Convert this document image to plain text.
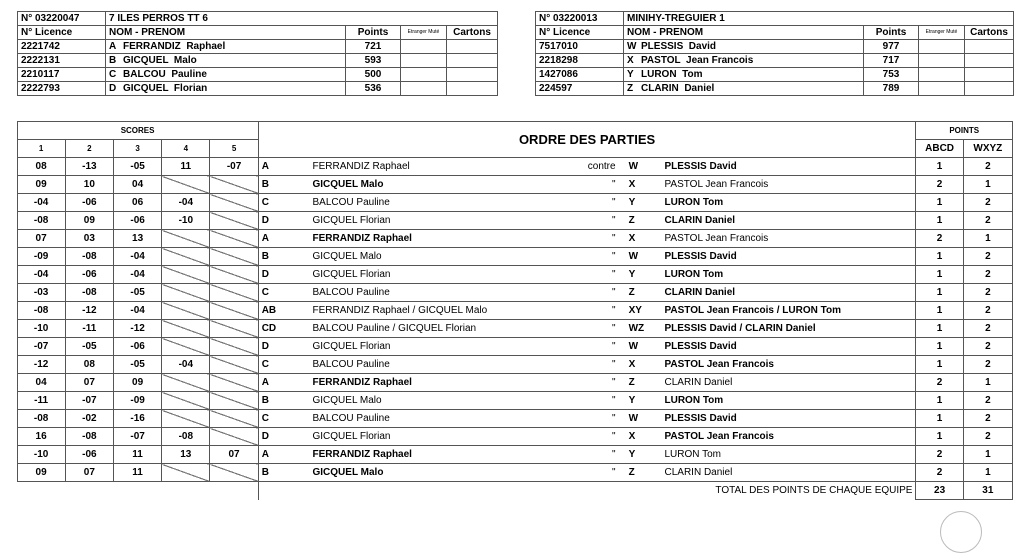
N° 03220047	7 ILES PERROS TT 6			
N° Licence	NOM - PRENOM	Points	Etranger Muté	Cartons
2221742	A FERRANDIZ  Raphael	721		
2222131	B GICQUEL  Malo	593		
2210117	C BALCOU  Pauline	500		
2222793	D GICQUEL  Florian	536		
N° 03220013	MINIHY-TREGUIER 1			
N° Licence	NOM - PRENOM	Points	Etranger Muté	Cartons
7517010	W PLESSIS  David	977		
2218298	X PASTOL  Jean Francois	717		
1427086	Y LURON  Tom	753		
224597	Z CLARIN  Daniel	789		
	SCORES	ORDRE DES PARTIES	POINTS
1	2	3	4	5	ABCD	WXYZ
	08	-13	-05	11	-07	A	FERRANDIZ Raphael	contre	W	PLESSIS David	1	2
	09	10	04			B	GICQUEL Malo	"	X	PASTOL Jean Francois	2	1
	-04	-06	06	-04		C	BALCOU Pauline	"	Y	LURON Tom	1	2
	-08	09	-06	-10		D	GICQUEL Florian	"	Z	CLARIN Daniel	1	2
	07	03	13			A	FERRANDIZ Raphael	"	X	PASTOL Jean Francois	2	1
	-09	-08	-04			B	GICQUEL Malo	"	W	PLESSIS David	1	2
	-04	-06	-04			D	GICQUEL Florian	"	Y	LURON Tom	1	2
	-03	-08	-05			C	BALCOU Pauline	"	Z	CLARIN Daniel	1	2
	-08	-12	-04			AB	FERRANDIZ Raphael / GICQUEL Malo	"	XY	PASTOL Jean Francois / LURON Tom	1	2
	-10	-11	-12			CD	BALCOU Pauline / GICQUEL Florian	"	WZ	PLESSIS David / CLARIN Daniel	1	2
	-07	-05	-06			D	GICQUEL Florian	"	W	PLESSIS David	1	2
	-12	08	-05	-04		C	BALCOU Pauline	"	X	PASTOL Jean Francois	1	2
	04	07	09			A	FERRANDIZ Raphael	"	Z	CLARIN Daniel	2	1
	-11	-07	-09			B	GICQUEL Malo	"	Y	LURON Tom	1	2
	-08	-02	-16			C	BALCOU Pauline	"	W	PLESSIS David	1	2
	16	-08	-07	-08		D	GICQUEL Florian	"	X	PASTOL Jean Francois	1	2
	-10	-06	11	13	07	A	FERRANDIZ Raphael	"	Y	LURON Tom	2	1
	09	07	11			B	GICQUEL Malo	"	Z	CLARIN Daniel	2	1
	TOTAL DES POINTS DE CHAQUE EQUIPE	23	31
